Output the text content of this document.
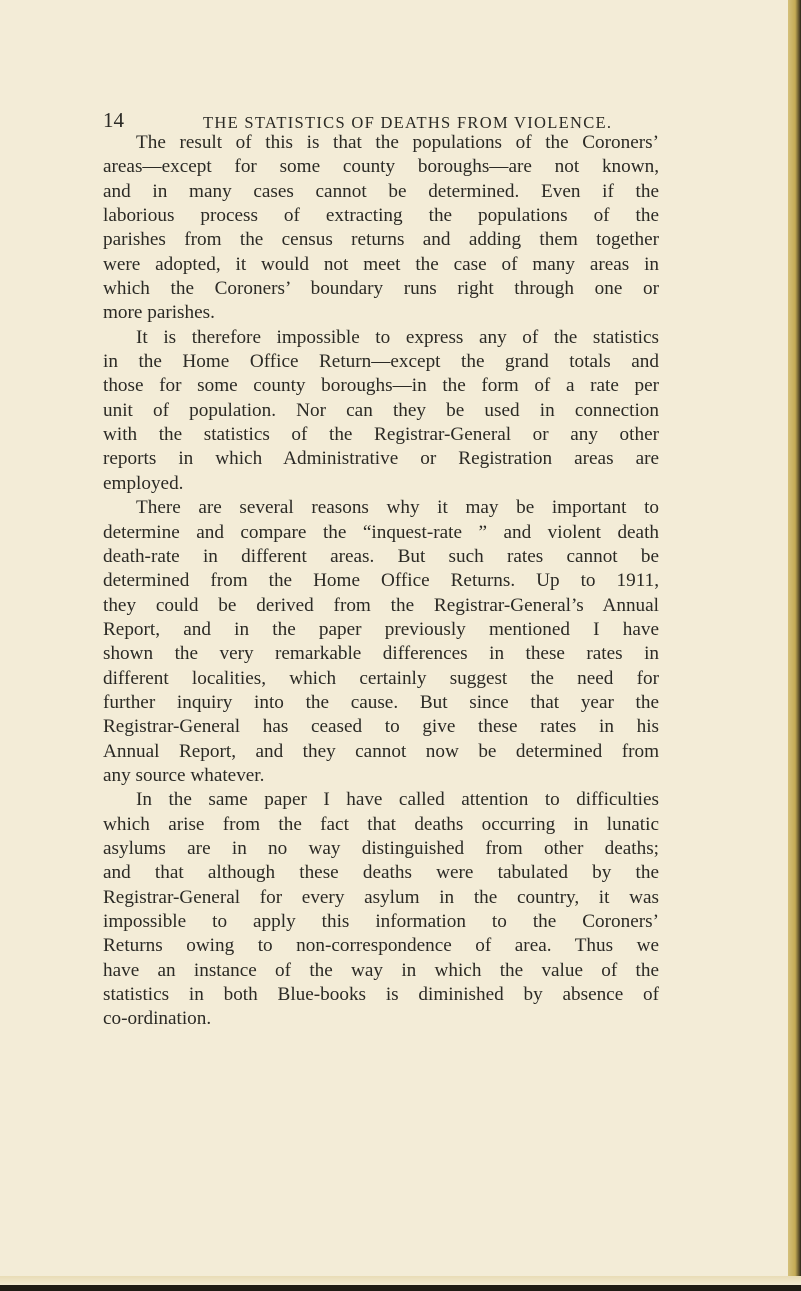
14	THE STATISTICS OF DEATHS FROM VIOLENCE.
The result of this is that the populations of the Coroners’
areas—except for some county boroughs—are not known,
and in many cases cannot be determined. Even if the
laborious process of extracting the populations of the
parishes from the census returns and adding them together
were adopted, it would not meet the case of many areas in
which the Coroners’ boundary runs right through one or
more parishes.
It is therefore impossible to express any of the statistics
in the Home Office Return—except the grand totals and
those for some county boroughs—in the form of a rate per
unit of population. Nor can they be used in connection
with the statistics of the Registrar-General or any other
reports in which Administrative or Registration areas are
employed.
There are several reasons why it may be important to
determine and compare the “inquest-rate ” and violent death
death-rate in different areas. But such rates cannot be
determined from the Home Office Returns. Up to 1911,
they could be derived from the Registrar-General’s Annual
Report, and in the paper previously mentioned I have
shown the very remarkable differences in these rates in
different localities, which certainly suggest the need for
further inquiry into the cause. But since that year the
Registrar-General has ceased to give these rates in his
Annual Report, and they cannot now be determined from
any source whatever.
In the same paper I have called attention to difficulties
which arise from the fact that deaths occurring in lunatic
asylums are in no way distinguished from other deaths;
and that although these deaths were tabulated by the
Registrar-General for every asylum in the country, it was
impossible to apply this information to the Coroners’
Returns owing to non-correspondence of area. Thus we
have an instance of the way in which the value of the
statistics in both Blue-books is diminished by absence of
co-ordination.
